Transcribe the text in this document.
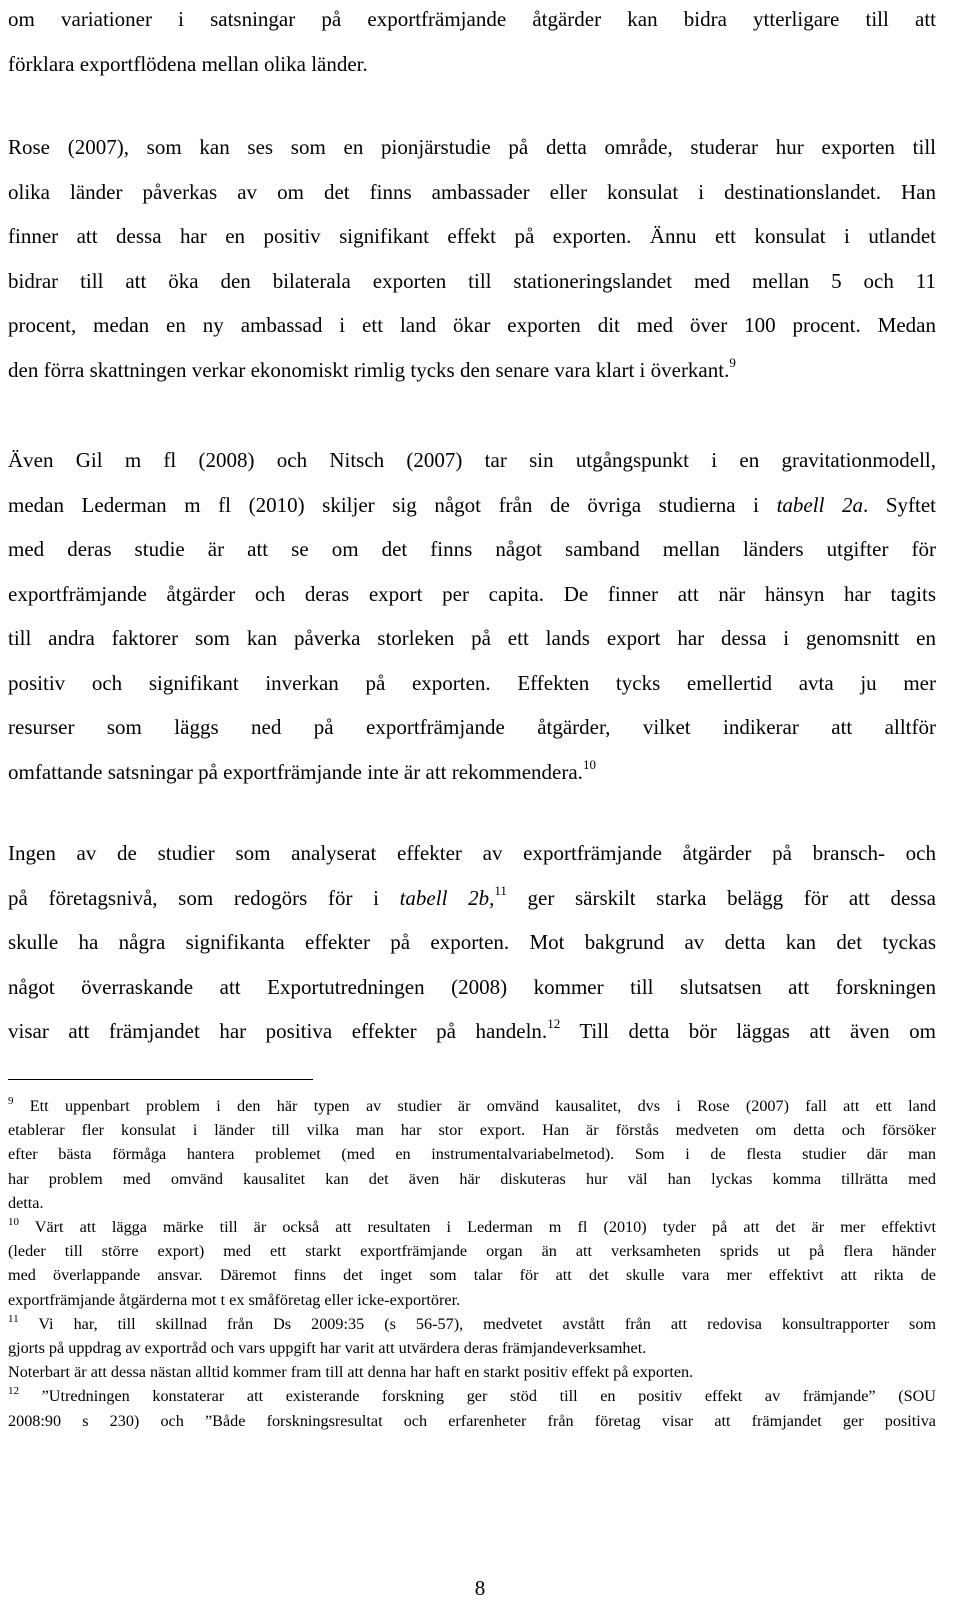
om variationer i satsningar på exportfrämjande åtgärder kan bidra ytterligare till att
förklara exportflödena mellan olika länder.

Rose (2007), som kan ses som en pionjärstudie på detta område, studerar hur exporten till
olika länder påverkas av om det finns ambassader eller konsulat i destinationslandet. Han
finner att dessa har en positiv signifikant effekt på exporten. Ännu ett konsulat i utlandet
bidrar till att öka den bilaterala exporten till stationeringslandet med mellan 5 och 11
procent, medan en ny ambassad i ett land ökar exporten dit med över 100 procent. Medan
den förra skattningen verkar ekonomiskt rimlig tycks den senare vara klart i överkant.$^9$

Även Gil m fl (2008) och Nitsch (2007) tar sin utgångspunkt i en gravitationmodell,
medan Lederman m fl (2010) skiljer sig något från de övriga studierna i tabell 2a. Syftet
med deras studie är att se om det finns något samband mellan länders utgifter för
exportfrämjande åtgärder och deras export per capita. De finner att när hänsyn har tagits
till andra faktorer som kan påverka storleken på ett lands export har dessa i genomsnitt en
positiv och signifikant inverkan på exporten. Effekten tycks emellertid avta ju mer
resurser som läggs ned på exportfrämjande åtgärder, vilket indikerar att alltför
omfattande satsningar på exportfrämjande inte är att rekommendera.$^{10}$

Ingen av de studier som analyserat effekter av exportfrämjande åtgärder på bransch- och
på företagsnivå, som redogörs för i tabell 2b,$^{11}$ ger särskilt starka belägg för att dessa
skulle ha några signifikanta effekter på exporten. Mot bakgrund av detta kan det tyckas
något överraskande att Exportutredningen (2008) kommer till slutsatsen att forskningen
visar att främjandet har positiva effekter på handeln.$^{12}$ Till detta bör läggas att även om

$^9$ Ett uppenbart problem i den här typen av studier är omvänd kausalitet, dvs i Rose (2007) fall att ett land
etablerar fler konsulat i länder till vilka man har stor export. Han är förstås medveten om detta och försöker
efter bästa förmåga hantera problemet (med en instrumentalvariabelmetod). Som i de flesta studier där man
har problem med omvänd kausalitet kan det även här diskuteras hur väl han lyckas komma tillrätta med
detta.
$^{10}$ Värt att lägga märke till är också att resultaten i Lederman m fl (2010) tyder på att det är mer effektivt
(leder till större export) med ett starkt exportfrämjande organ än att verksamheten sprids ut på flera händer
med överlappande ansvar. Däremot finns det inget som talar för att det skulle vara mer effektivt att rikta de
exportfrämjande åtgärderna mot t ex småföretag eller icke-exportörer.
$^{11}$ Vi har, till skillnad från Ds 2009:35 (s 56-57), medvetet avstått från att redovisa konsultrapporter som
gjorts på uppdrag av exportråd och vars uppgift har varit att utvärdera deras främjandeverksamhet.
Noterbart är att dessa nästan alltid kommer fram till att denna har haft en starkt positiv effekt på exporten.
$^{12}$ ”Utredningen konstaterar att existerande forskning ger stöd till en positiv effekt av främjande” (SOU
2008:90 s 230) och ”Både forskningsresultat och erfarenheter från företag visar att främjandet ger positiva
8
